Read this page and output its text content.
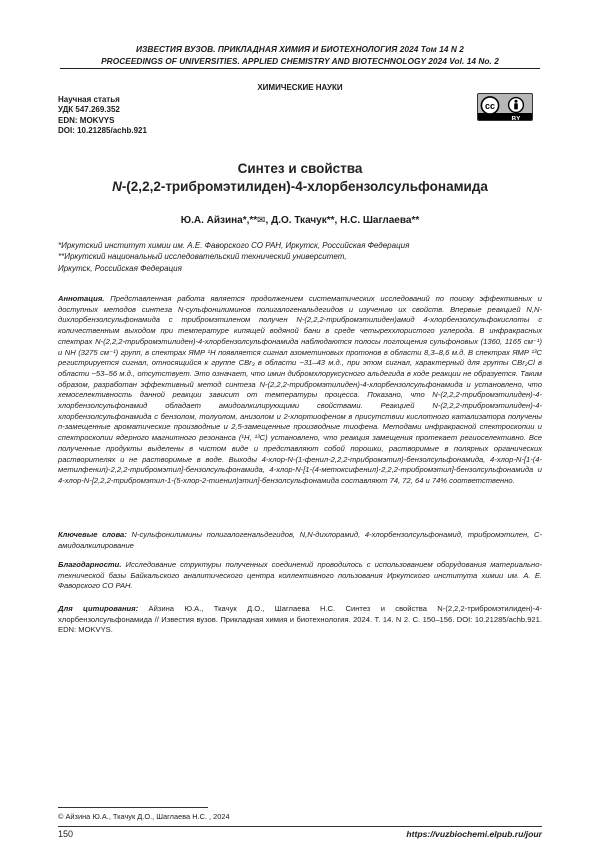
ИЗВЕСТИЯ ВУЗОВ. ПРИКЛАДНАЯ ХИМИЯ И БИОТЕХНОЛОГИЯ 2024 Том 14 N 2
PROCEEDINGS OF UNIVERSITIES. APPLIED CHEMISTRY AND BIOTECHNOLOGY 2024 Vol. 14 No. 2
ХИМИЧЕСКИЕ НАУКИ
Научная статья
УДК 547.269.352
EDN: MOKVYS
DOI: 10.21285/achb.921
cc
BY
Синтез и свойства
N-(2,2,2-трибромэтилиден)-4-хлорбензолсульфонамида
Ю.А. Айзина*,**✉, Д.О. Ткачук**, Н.С. Шаглаева**
*Иркутский институт химии им. А.Е. Фаворского СО РАН, Иркутск, Российская Федерация
**Иркутский национальный исследовательский технический университет,
Иркутск, Российская Федерация
Аннотация. Представленная работа является продолжением систематических исследований по поиску эффективных и доступных методов синтеза N-сульфонилиминов полигалогенальдегидов и изучению их свойств. Впервые реакцией N,N-дихлорбензолсульфонамида с трибромэтиленом получен N-(2,2,2-трибромэтилиден)амид 4-хлорбензолсульфокислоты с количественным выходом при температуре кипящей водяной бани в среде четыреххлористого углерода. В инфракрасных спектрах N-(2,2,2-трибромэтилиден)-4-хлорбензолсульфонамида наблюдаются полосы поглощения сульфоновых (1360, 1165 см⁻¹) и NH (3275 см⁻¹) групп, в спектрах ЯМР ¹H появляется сигнал азометиновых протонов в области 8,3–8,6 м.д. В спектрах ЯМР ¹³C регистрируется сигнал, относящийся к группе CBr₃ в области ~31–43 м.д., при этом сигнал, характерный для группы CBr₂Cl в области ~53–56 м.д., отсутствует. Это означает, что имин дибромхлоруксусного альдегида в ходе реакции не образуется. Таким образом, разработан эффективный метод синтеза N-(2,2,2-трибромэтилиден)-4-хлорбензолсульфонамида и установлено, что хемоселективность данной реакции зависит от температуры процесса. Показано, что N-(2,2,2-трибромэтилиден)-4-хлорбензолсульфонамид обладает амидоалкилирующими свойствами. Реакцией N-(2,2,2-трибромэтилиден)-4-хлорбензолсульфонамида с бензолом, толуолом, анизолом и 2-хлортиофеном в присутствии кислотного катализатора получены п-замещенные ароматические производные и 2,5-замещенные производные тиофена. Методами инфракрасной спектроскопии и спектроскопии ядерного магнитного резонанса (¹H, ¹³C) установлено, что реакция замещения протекает региоселективно. Все полученные продукты выделены в чистом виде и представляют собой порошки, растворимые в полярных органических растворителях и не растворимые в воде. Выходы 4-хлор-N-(1-фенил-2,2,2-трибромэтил)-бензолсульфонамида, 4-хлор-N-[1-(4-метилфенил)-2,2,2-трибромэтил]-бензолсульфонамида, 4-хлор-N-[1-(4-метоксифенил)-2,2,2-трибромэтил]-бензолсульфонамида и 4-хлор-N-[2,2,2-трибромэтил-1-(5-хлор-2-тиенил)этил]-бензолсульфонамида составляют 74, 72, 64 и 74% соответственно.
Ключевые слова: N-сульфонилимины полигалогенальдегидов, N,N-дихлорамид, 4-хлорбензолсульфонамид, трибромэтилен, C-амидоалкилирование
Благодарности. Исследование структуры полученных соединений проводилось с использованием оборудования материально-технической базы Байкальского аналитического центра коллективного пользования Иркутского института химии им. А. Е. Фаворского СО РАН.
Для цитирования: Айзина Ю.А., Ткачук Д.О., Шаглаева Н.С. Синтез и свойства N-(2,2,2-трибромэтилиден)-4-хлорбензолсульфонамида // Известия вузов. Прикладная химия и биотехнология. 2024. Т. 14. N 2. С. 150–156. DOI: 10.21285/achb.921. EDN: MOKVYS.
© Айзина Ю.А., Ткачук Д.О., Шаглаева Н.С. , 2024
150	https://vuzbiochemi.elpub.ru/jour
